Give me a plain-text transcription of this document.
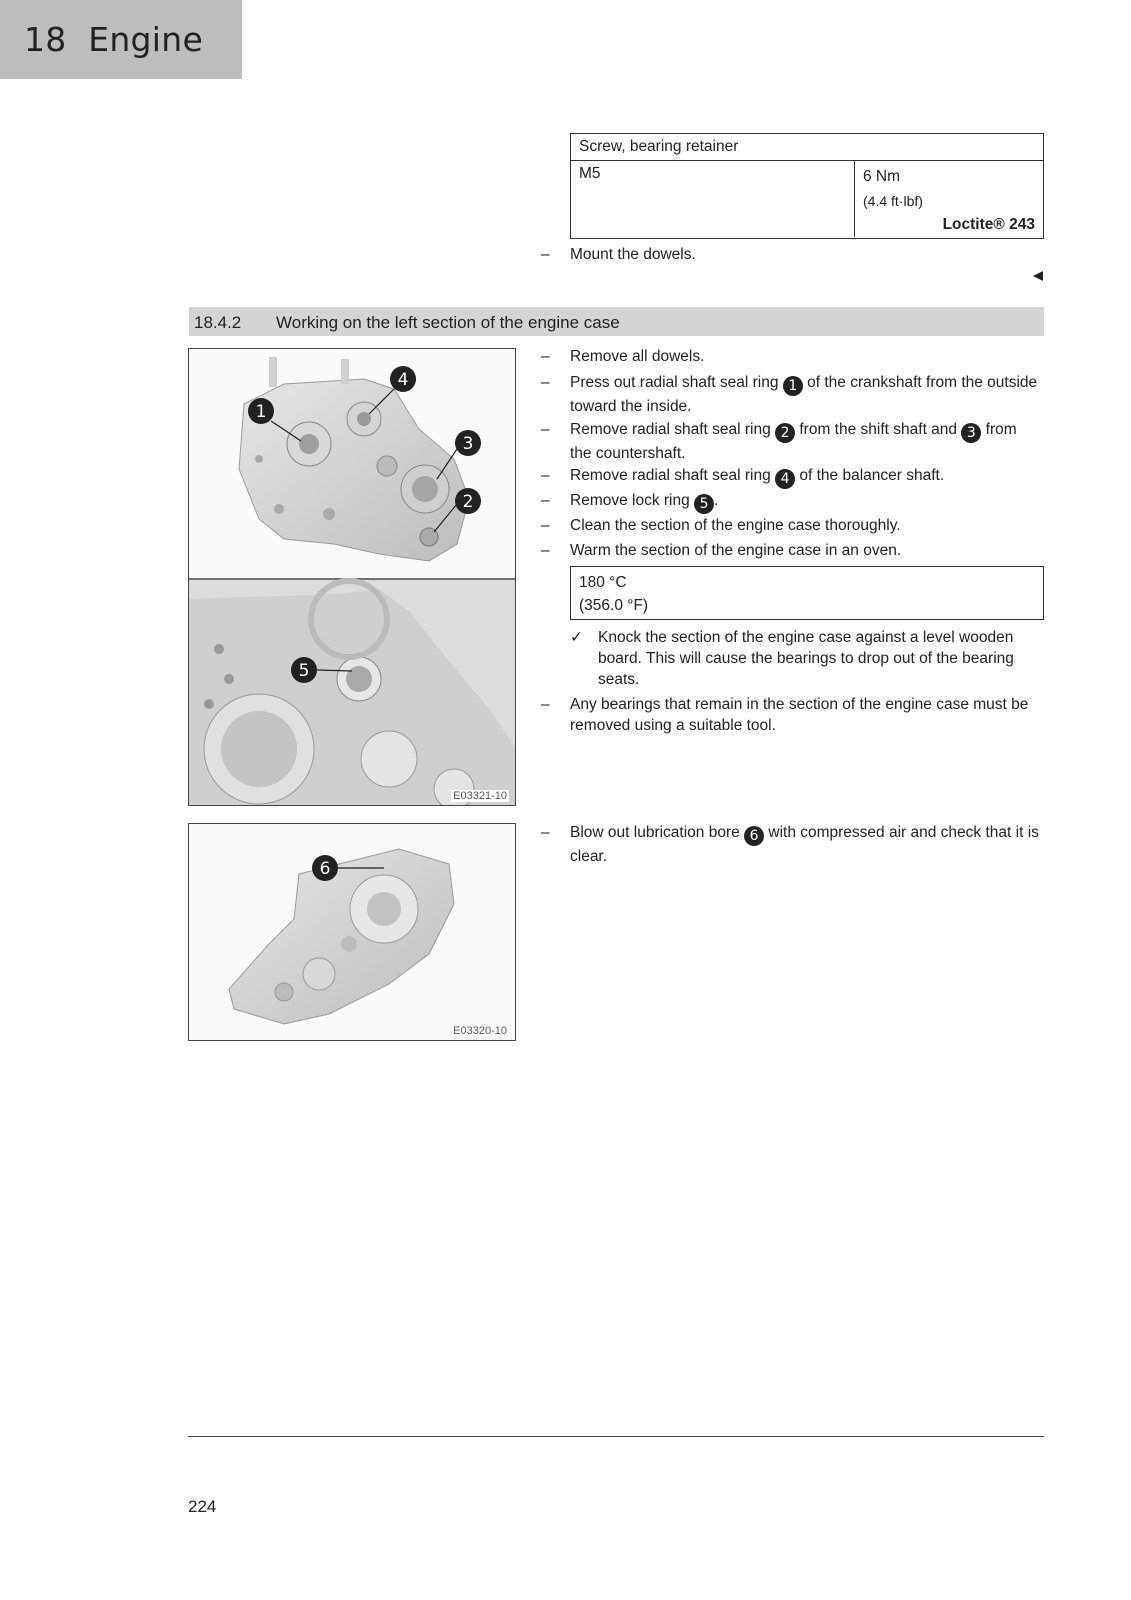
18 Engine
Screw, bearing retainer
M5	6 Nm
(4.4 ft·lbf)
Loctite® 243
– Mount the dowels.
18.4.2 Working on the left section of the engine case
1
4
3
2
5
E03321-10
– Remove all dowels.
– Press out radial shaft seal ring 1 of the crankshaft from the outside toward the inside.
– Remove radial shaft seal ring 2 from the shift shaft and 3 from the countershaft.
– Remove radial shaft seal ring 4 of the balancer shaft.
– Remove lock ring 5 .
– Clean the section of the engine case thoroughly.
– Warm the section of the engine case in an oven.
180 °C
(356.0 °F)
✓ Knock the section of the engine case against a level wooden board. This will cause the bearings to drop out of the bearing seats.
– Any bearings that remain in the section of the engine case must be removed using a suitable tool.
6
E03320-10
– Blow out lubrication bore 6 with compressed air and check that it is clear.
224
